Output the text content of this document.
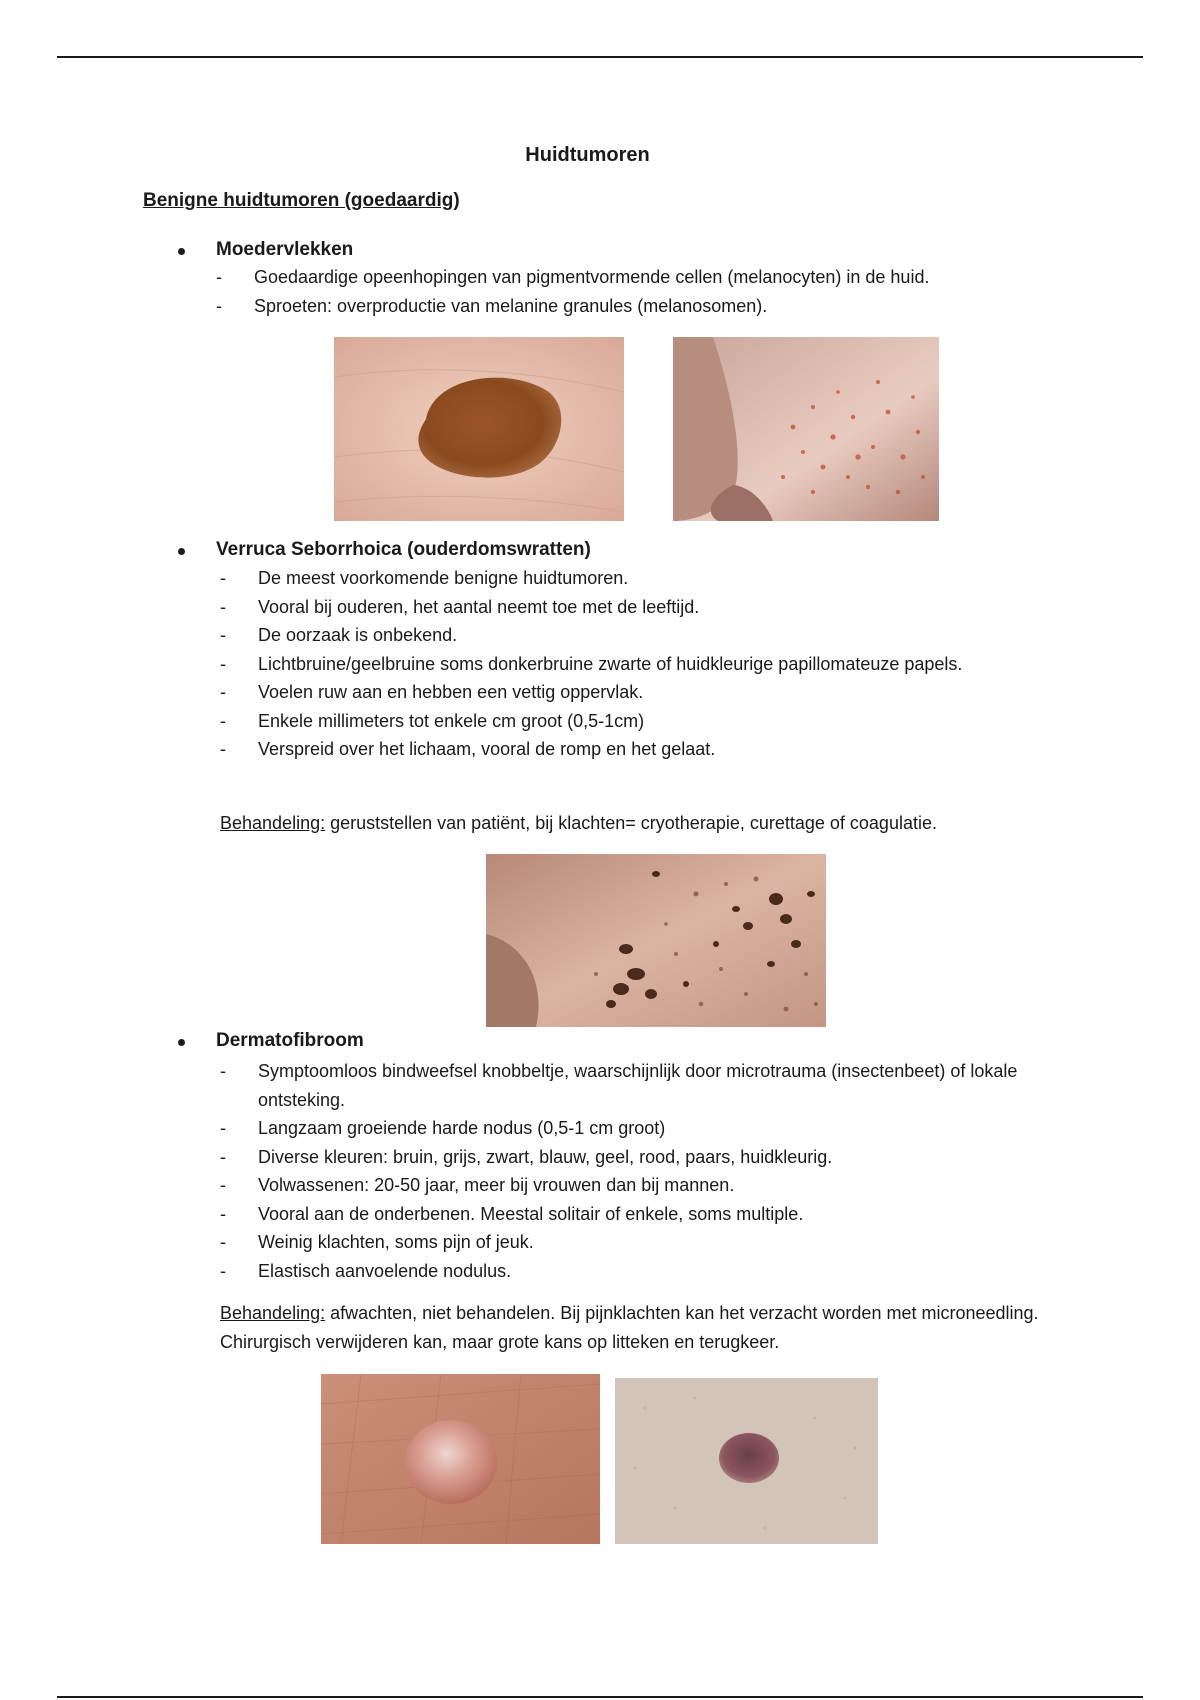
Huidtumoren
Benigne huidtumoren (goedaardig)
Moedervlekken
- Goedaardige opeenhopingen van pigmentvormende cellen (melanocyten) in de huid.
- Sproeten: overproductie van melanine granules (melanosomen).
Verruca Seborrhoica (ouderdomswratten)
- De meest voorkomende benigne huidtumoren.
- Vooral bij ouderen, het aantal neemt toe met de leeftijd.
- De oorzaak is onbekend.
- Lichtbruine/geelbruine soms donkerbruine zwarte of huidkleurige papillomateuze papels.
- Voelen ruw aan en hebben een vettig oppervlak.
- Enkele millimeters tot enkele cm groot (0,5-1cm)
- Verspreid over het lichaam, vooral de romp en het gelaat.
Behandeling: geruststellen van patiënt, bij klachten= cryotherapie, curettage of coagulatie.
Dermatofibroom
- Symptoomloos bindweefsel knobbeltje, waarschijnlijk door microtrauma (insectenbeet) of lokale ontsteking.
- Langzaam groeiende harde nodus (0,5-1 cm groot)
- Diverse kleuren: bruin, grijs, zwart, blauw, geel, rood, paars, huidkleurig.
- Volwassenen: 20-50 jaar, meer bij vrouwen dan bij mannen.
- Vooral aan de onderbenen. Meestal solitair of enkele, soms multiple.
- Weinig klachten, soms pijn of jeuk.
- Elastisch aanvoelende nodulus.
Behandeling: afwachten, niet behandelen. Bij pijnklachten kan het verzacht worden met microneedling. Chirurgisch verwijderen kan, maar grote kans op litteken en terugkeer.
